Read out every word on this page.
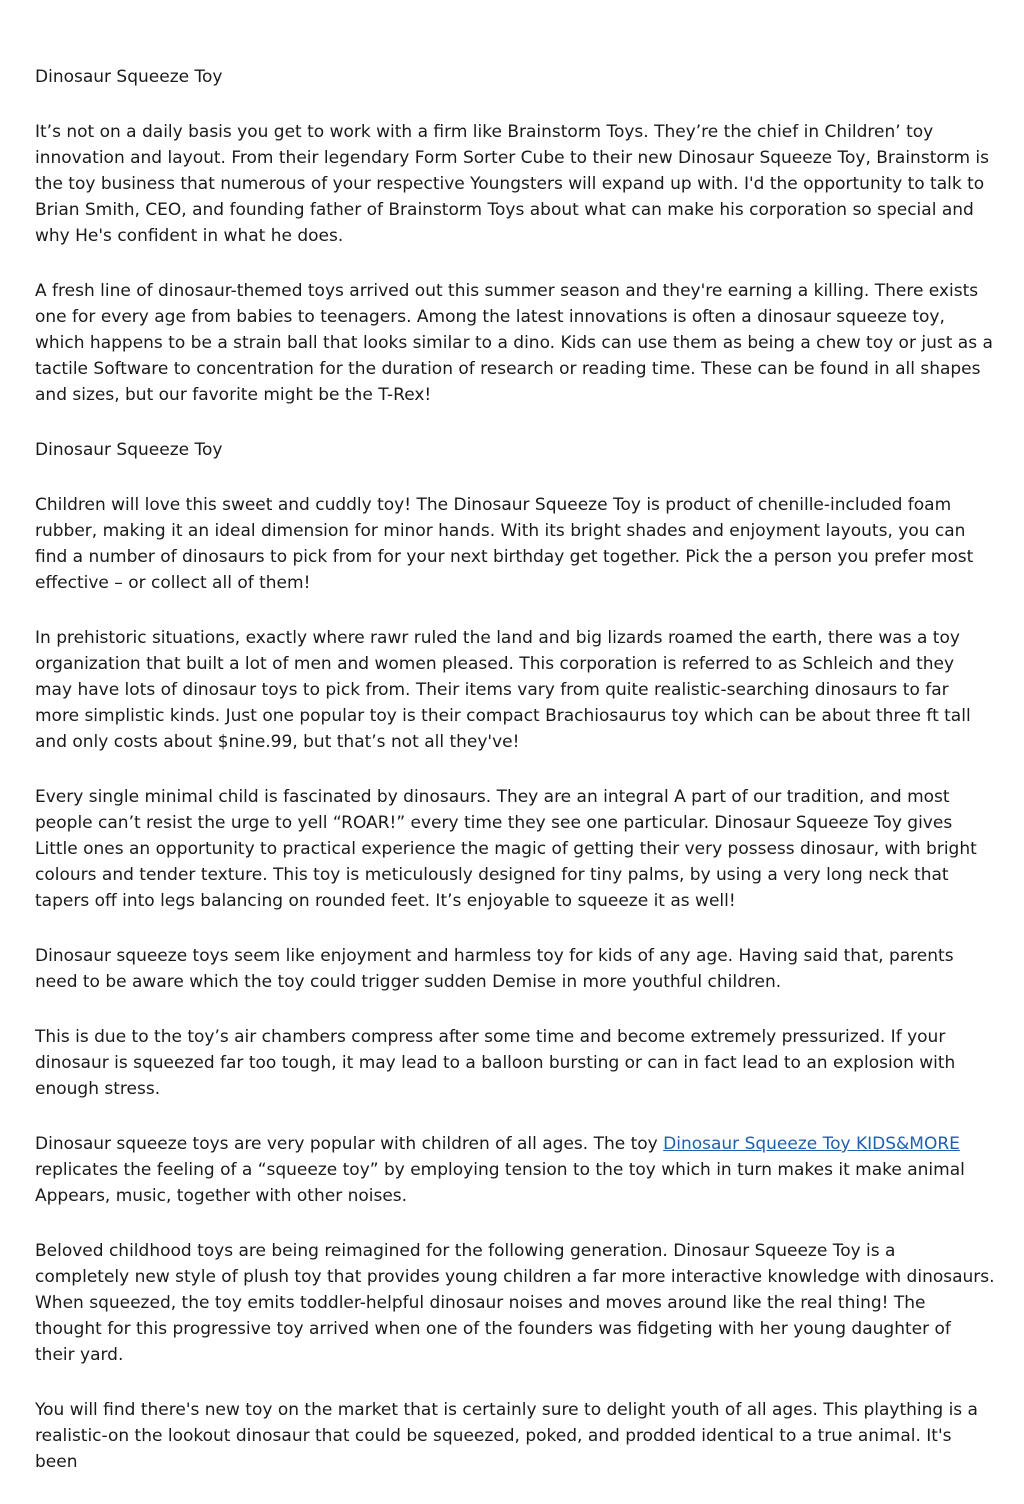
Dinosaur Squeeze Toy

It’s not on a daily basis you get to work with a firm like Brainstorm Toys. They’re the chief in Children’ toy innovation and layout. From their legendary Form Sorter Cube to their new Dinosaur Squeeze Toy, Brainstorm is the toy business that numerous of your respective Youngsters will expand up with. I'd the opportunity to talk to Brian Smith, CEO, and founding father of Brainstorm Toys about what can make his corporation so special and why He's confident in what he does.

A fresh line of dinosaur-themed toys arrived out this summer season and they're earning a killing. There exists one for every age from babies to teenagers. Among the latest innovations is often a dinosaur squeeze toy, which happens to be a strain ball that looks similar to a dino. Kids can use them as being a chew toy or just as a tactile Software to concentration for the duration of research or reading time. These can be found in all shapes and sizes, but our favorite might be the T-Rex!

Dinosaur Squeeze Toy

Children will love this sweet and cuddly toy! The Dinosaur Squeeze Toy is product of chenille-included foam rubber, making it an ideal dimension for minor hands. With its bright shades and enjoyment layouts, you can find a number of dinosaurs to pick from for your next birthday get together. Pick the a person you prefer most effective – or collect all of them!

In prehistoric situations, exactly where rawr ruled the land and big lizards roamed the earth, there was a toy organization that built a lot of men and women pleased. This corporation is referred to as Schleich and they may have lots of dinosaur toys to pick from. Their items vary from quite realistic-searching dinosaurs to far more simplistic kinds. Just one popular toy is their compact Brachiosaurus toy which can be about three ft tall and only costs about $nine.99, but that’s not all they've!

Every single minimal child is fascinated by dinosaurs. They are an integral A part of our tradition, and most people can’t resist the urge to yell “ROAR!” every time they see one particular. Dinosaur Squeeze Toy gives Little ones an opportunity to practical experience the magic of getting their very possess dinosaur, with bright colours and tender texture. This toy is meticulously designed for tiny palms, by using a very long neck that tapers off into legs balancing on rounded feet. It’s enjoyable to squeeze it as well!

Dinosaur squeeze toys seem like enjoyment and harmless toy for kids of any age. Having said that, parents need to be aware which the toy could trigger sudden Demise in more youthful children.

This is due to the toy’s air chambers compress after some time and become extremely pressurized. If your dinosaur is squeezed far too tough, it may lead to a balloon bursting or can in fact lead to an explosion with enough stress.

Dinosaur squeeze toys are very popular with children of all ages. The toy Dinosaur Squeeze Toy KIDS&MORE replicates the feeling of a “squeeze toy” by employing tension to the toy which in turn makes it make animal Appears, music, together with other noises.

Beloved childhood toys are being reimagined for the following generation. Dinosaur Squeeze Toy is a completely new style of plush toy that provides young children a far more interactive knowledge with dinosaurs. When squeezed, the toy emits toddler-helpful dinosaur noises and moves around like the real thing! The thought for this progressive toy arrived when one of the founders was fidgeting with her young daughter of their yard.

You will find there's new toy on the market that is certainly sure to delight youth of all ages. This plaything is a realistic-on the lookout dinosaur that could be squeezed, poked, and prodded identical to a true animal. It's been
